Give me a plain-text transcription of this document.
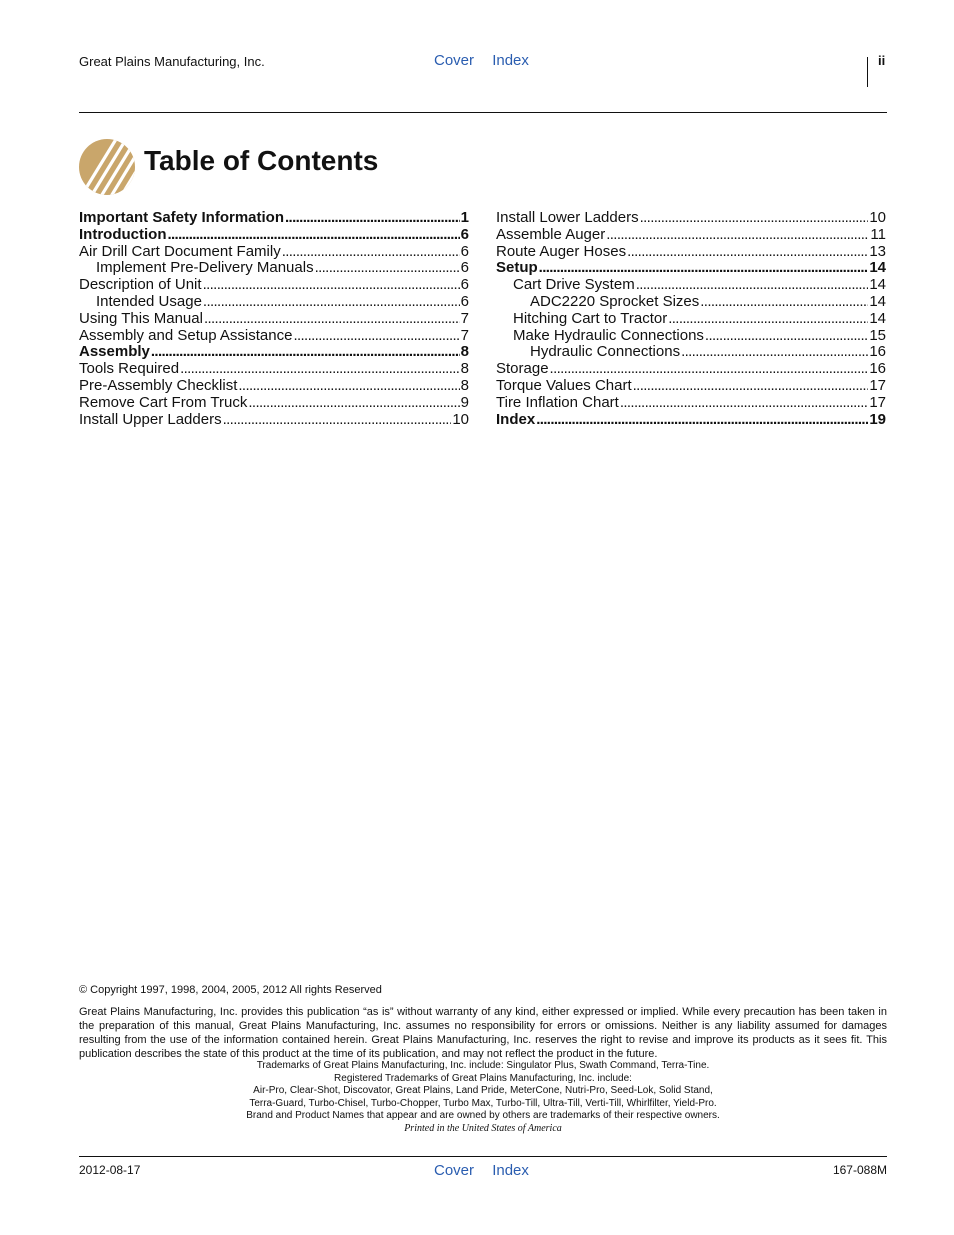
Great Plains Manufacturing, Inc.	Cover Index	ii
Table of Contents
Important Safety Information . . .	1
Introduction . . .	6
Air Drill Cart Document Family . . .	6
Implement Pre-Delivery Manuals . . .	6
Description of Unit . . .	6
Intended Usage . . .	6
Using This Manual . . .	7
Assembly and Setup Assistance . . .	7
Assembly . . .	8
Tools Required . . .	8
Pre-Assembly Checklist . . .	8
Remove Cart From Truck . . .	9
Install Upper Ladders . . .	10
Install Lower Ladders . . .	10
Assemble Auger . . .	11
Route Auger Hoses . . .	13
Setup . . .	14
Cart Drive System . . .	14
ADC2220 Sprocket Sizes . . .	14
Hitching Cart to Tractor . . .	14
Make Hydraulic Connections . . .	15
Hydraulic Connections . . .	16
Storage . . .	16
Torque Values Chart . . .	17
Tire Inflation Chart . . .	17
Index . . .	19
© Copyright 1997, 1998, 2004, 2005, 2012 All rights Reserved

Great Plains Manufacturing, Inc. provides this publication “as is” without warranty of any kind, either expressed or implied. While every precaution has been taken in the preparation of this manual, Great Plains Manufacturing, Inc. assumes no responsibility for errors or omissions. Neither is any liability assumed for damages resulting from the use of the information contained herein. Great Plains Manufacturing, Inc. reserves the right to revise and improve its products as it sees fit. This publication describes the state of this product at the time of its publication, and may not reflect the product in the future.

Trademarks of Great Plains Manufacturing, Inc. include: Singulator Plus, Swath Command, Terra-Tine.
Registered Trademarks of Great Plains Manufacturing, Inc. include:
Air-Pro, Clear-Shot, Discovator, Great Plains, Land Pride, MeterCone, Nutri-Pro, Seed-Lok, Solid Stand,
Terra-Guard, Turbo-Chisel, Turbo-Chopper, Turbo Max, Turbo-Till, Ultra-Till, Verti-Till, Whirlfilter, Yield-Pro.
Brand and Product Names that appear and are owned by others are trademarks of their respective owners.
Printed in the United States of America
2012-08-17	Cover Index	167-088M
